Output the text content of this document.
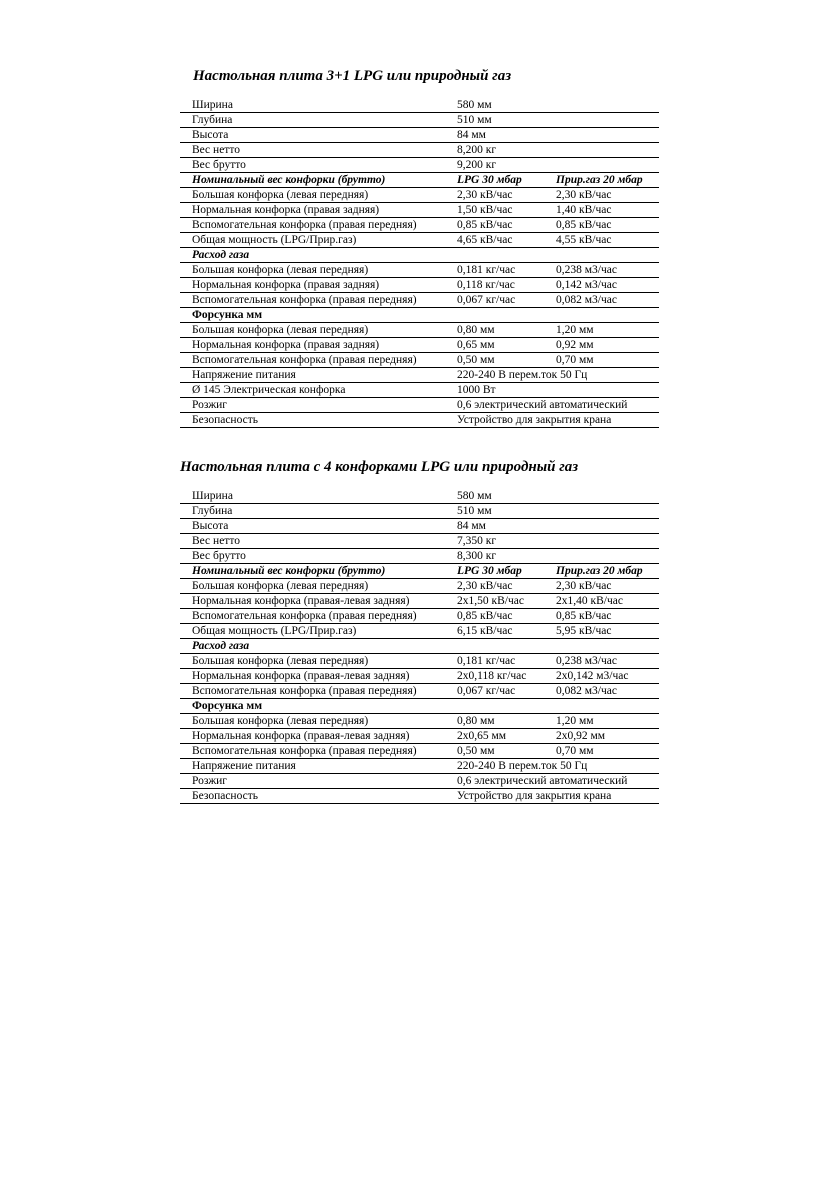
Настольная плита 3+1 LPG или природный газ
Ширина	580 мм	
Глубина	510 мм	
Высота	84 мм	
Вес нетто	8,200 кг	
Вес брутто	9,200 кг	
Номинальный вес конфорки (брутто)	LPG 30 мбар	Прир.газ 20 мбар
Большая конфорка (левая передняя)	2,30 кВ/час	2,30 кВ/час
Нормальная конфорка (правая задняя)	1,50 кВ/час	1,40 кВ/час
Вспомогательная конфорка (правая передняя)	0,85 кВ/час	0,85 кВ/час
Общая мощность (LPG/Прир.газ)	4,65 кВ/час	4,55 кВ/час
Расход газа		
Большая конфорка (левая передняя)	0,181 кг/час	0,238 м3/час
Нормальная конфорка (правая задняя)	0,118 кг/час	0,142 м3/час
Вспомогательная конфорка (правая передняя)	0,067 кг/час	0,082 м3/час
Форсунка мм		
Большая конфорка (левая передняя)	0,80 мм	1,20 мм
Нормальная конфорка (правая задняя)	0,65 мм	0,92 мм
Вспомогательная конфорка (правая передняя)	0,50 мм	0,70 мм
Напряжение питания	220-240 В перем.ток 50 Гц	
Ø 145 Электрическая конфорка	1000 Вт	
Розжиг	0,6 электрический автоматический	
Безопасность	Устройство для закрытия крана	
Настольная плита с 4 конфорками LPG или природный газ
Ширина	580 мм	
Глубина	510 мм	
Высота	84 мм	
Вес нетто	7,350 кг	
Вес брутто	8,300 кг	
Номинальный вес конфорки (брутто)	LPG 30 мбар	Прир.газ 20 мбар
Большая конфорка (левая передняя)	2,30 кВ/час	2,30 кВ/час
Нормальная конфорка (правая-левая задняя)	2x1,50 кВ/час	2x1,40 кВ/час
Вспомогательная конфорка (правая передняя)	0,85 кВ/час	0,85 кВ/час
Общая мощность (LPG/Прир.газ)	6,15 кВ/час	5,95 кВ/час
Расход газа		
Большая конфорка (левая передняя)	0,181 кг/час	0,238 м3/час
Нормальная конфорка (правая-левая задняя)	2x0,118 кг/час	2x0,142 м3/час
Вспомогательная конфорка (правая передняя)	0,067 кг/час	0,082 м3/час
Форсунка мм		
Большая конфорка (левая передняя)	0,80 мм	1,20 мм
Нормальная конфорка (правая-левая задняя)	2x0,65 мм	2x0,92 мм
Вспомогательная конфорка (правая передняя)	0,50 мм	0,70 мм
Напряжение питания	220-240 В перем.ток 50 Гц	
Розжиг	0,6 электрический автоматический	
Безопасность	Устройство для закрытия крана	
